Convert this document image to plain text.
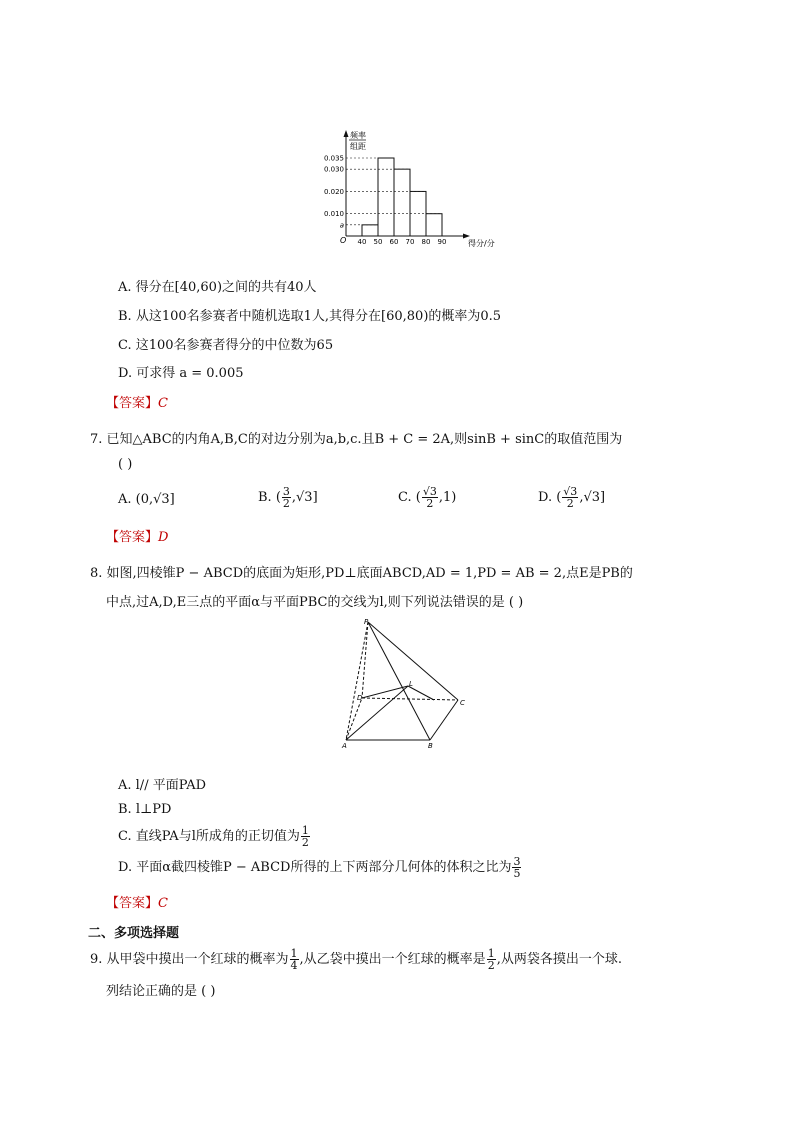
频率
组距
O	得分/分
0.035
0.030
0.020
0.010
a
40 50 60 70 80 90
A. 得分在[40,60)之间的共有40人
B. 从这100名参赛者中随机选取1人,其得分在[60,80)的概率为0.5
C. 这100名参赛者得分的中位数为65
D. 可求得 a = 0.005
【答案】C
7. 已知△ABC的内角A,B,C的对边分别为a,b,c.且B + C = 2A,则sinB + sinC的取值范围为
( )
A. (0,√3]	B. ( $\frac{3}{2} ,√3$]	C. ( $\frac{√3}{2} ,1$)	D. ( $\frac{√3}{2} ,√3$]
【答案】D
8. 如图,四棱锥P − ABCD的底面为矩形,PD⊥底面ABCD,AD = 1,PD = AB = 2,点E是PB的
中点,过A,D,E三点的平面α与平面PBC的交线为l,则下列说法错误的是 ( )
P
L
D
C
A	B
A. l// 平面PAD
B. l⊥PD
C. 直线PA与l所成角的正切值为 $\frac{1}{2}$
D. 平面α截四棱锥P − ABCD所得的上下两部分几何体的体积之比为 $\frac{3}{5}$
【答案】C
二、多项选择题
9. 从甲袋中摸出一个红球的概率为 $\frac{1}{4}$ ,从乙袋中摸出一个红球的概率是 $\frac{1}{2}$ ,从两袋各摸出一个球.
列结论正确的是 ( )
